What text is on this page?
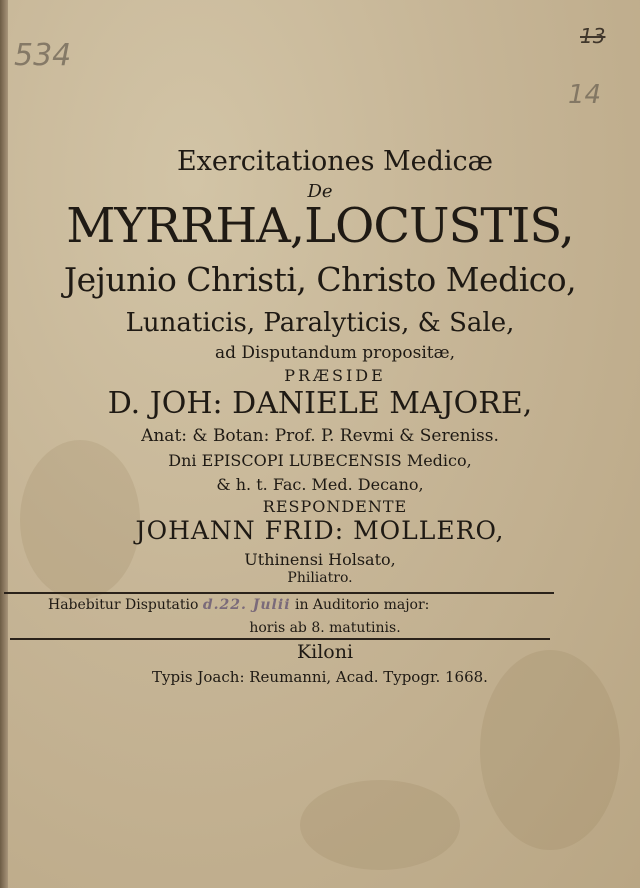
534
13
14
Exercitationes Medicæ
De
MYRRHA,LOCUSTIS,
Jejunio Christi, Christo Medico,
Lunaticis, Paralyticis, & Sale,
ad Disputandum propositæ,
PRÆSIDE
D. JOH: DANIELE MAJORE,
Anat: & Botan: Prof. P. Revmi & Sereniss.
Dni EPISCOPI LUBECENSIS Medico,
& h. t. Fac. Med. Decano,
RESPONDENTE
JOHANN FRID: MOLLERO,
Uthinensi Holsato,
Philiatro.
Habebitur Disputatio d.22. Julii in Auditorio major:
horis ab 8. matutinis.
Kiloni
Typis Joach: Reumanni, Acad. Typogr. 1668.
